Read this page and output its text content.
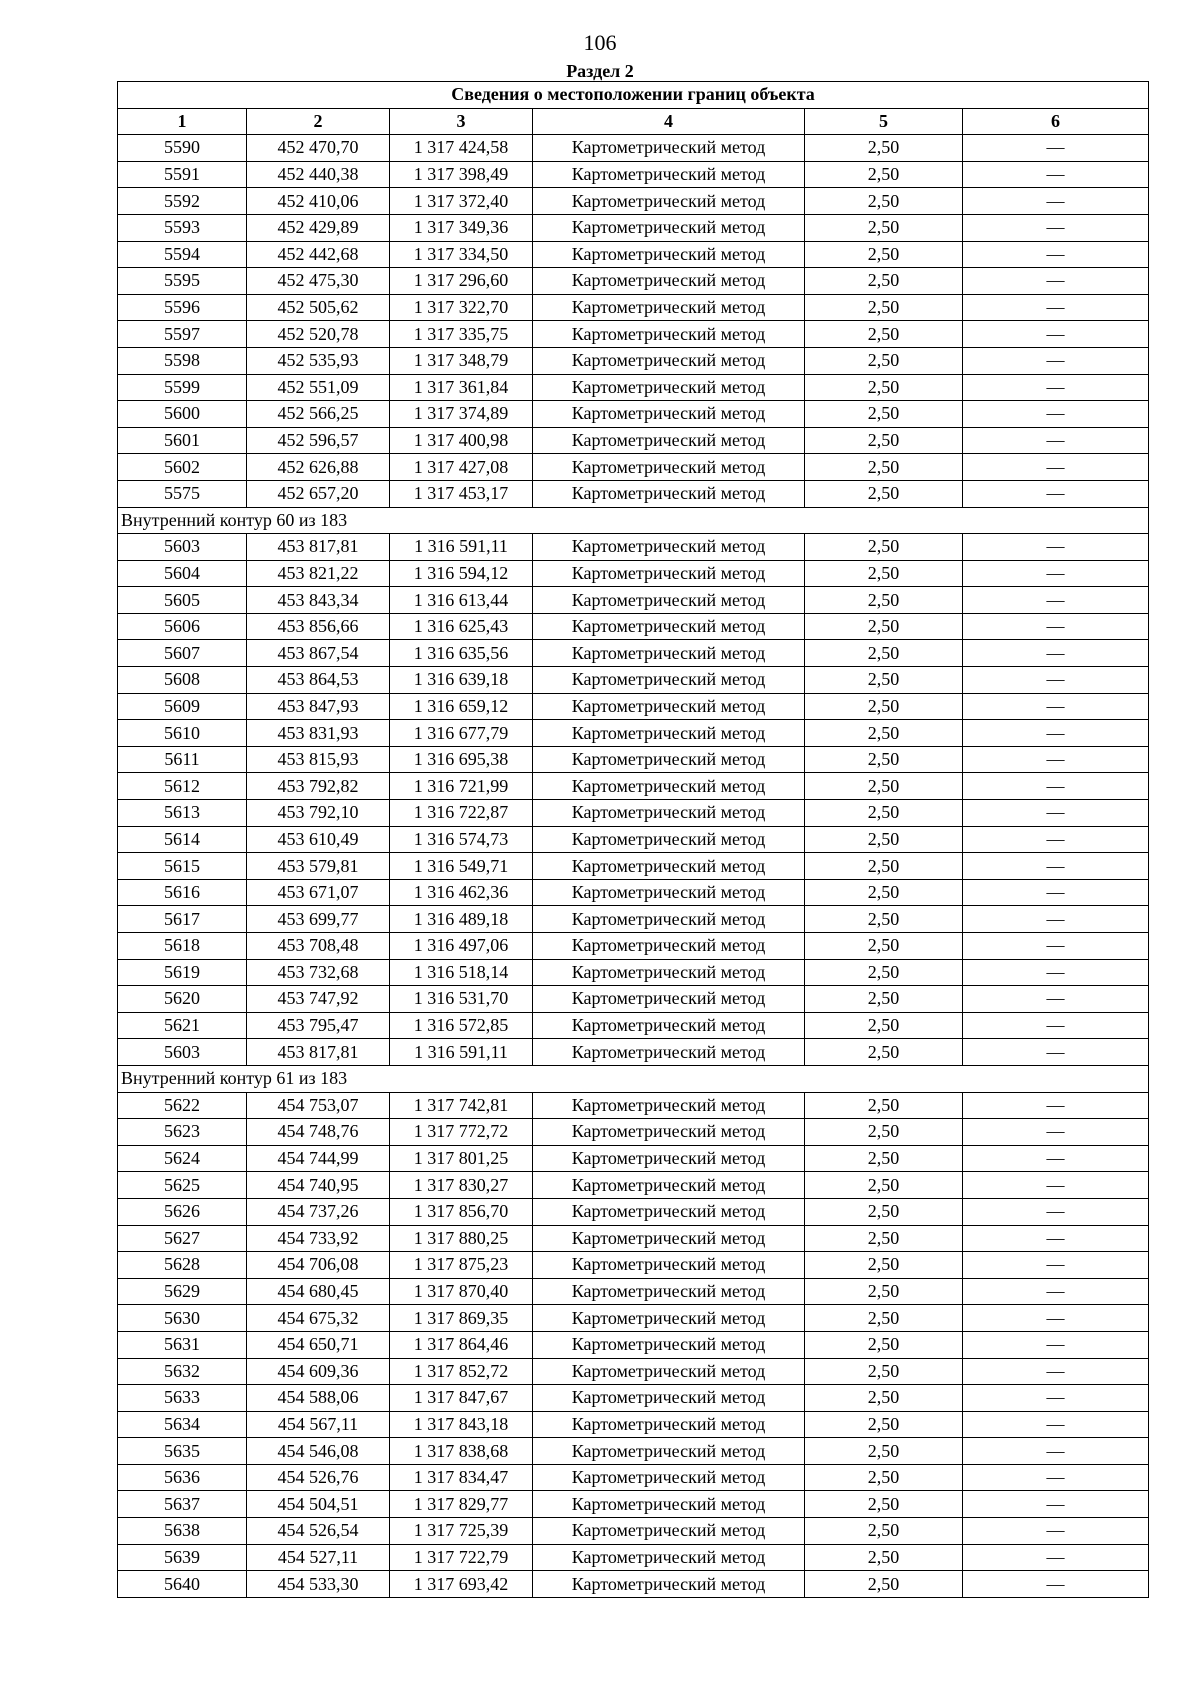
106
Раздел 2
Сведения о местоположении границ объекта					
1	2	3	4	5	6
5590	452 470,70	1 317 424,58	Картометрический метод	2,50	—
5591	452 440,38	1 317 398,49	Картометрический метод	2,50	—
5592	452 410,06	1 317 372,40	Картометрический метод	2,50	—
5593	452 429,89	1 317 349,36	Картометрический метод	2,50	—
5594	452 442,68	1 317 334,50	Картометрический метод	2,50	—
5595	452 475,30	1 317 296,60	Картометрический метод	2,50	—
5596	452 505,62	1 317 322,70	Картометрический метод	2,50	—
5597	452 520,78	1 317 335,75	Картометрический метод	2,50	—
5598	452 535,93	1 317 348,79	Картометрический метод	2,50	—
5599	452 551,09	1 317 361,84	Картометрический метод	2,50	—
5600	452 566,25	1 317 374,89	Картометрический метод	2,50	—
5601	452 596,57	1 317 400,98	Картометрический метод	2,50	—
5602	452 626,88	1 317 427,08	Картометрический метод	2,50	—
5575	452 657,20	1 317 453,17	Картометрический метод	2,50	—
Внутренний контур 60 из 183					
5603	453 817,81	1 316 591,11	Картометрический метод	2,50	—
5604	453 821,22	1 316 594,12	Картометрический метод	2,50	—
5605	453 843,34	1 316 613,44	Картометрический метод	2,50	—
5606	453 856,66	1 316 625,43	Картометрический метод	2,50	—
5607	453 867,54	1 316 635,56	Картометрический метод	2,50	—
5608	453 864,53	1 316 639,18	Картометрический метод	2,50	—
5609	453 847,93	1 316 659,12	Картометрический метод	2,50	—
5610	453 831,93	1 316 677,79	Картометрический метод	2,50	—
5611	453 815,93	1 316 695,38	Картометрический метод	2,50	—
5612	453 792,82	1 316 721,99	Картометрический метод	2,50	—
5613	453 792,10	1 316 722,87	Картометрический метод	2,50	—
5614	453 610,49	1 316 574,73	Картометрический метод	2,50	—
5615	453 579,81	1 316 549,71	Картометрический метод	2,50	—
5616	453 671,07	1 316 462,36	Картометрический метод	2,50	—
5617	453 699,77	1 316 489,18	Картометрический метод	2,50	—
5618	453 708,48	1 316 497,06	Картометрический метод	2,50	—
5619	453 732,68	1 316 518,14	Картометрический метод	2,50	—
5620	453 747,92	1 316 531,70	Картометрический метод	2,50	—
5621	453 795,47	1 316 572,85	Картометрический метод	2,50	—
5603	453 817,81	1 316 591,11	Картометрический метод	2,50	—
Внутренний контур 61 из 183					
5622	454 753,07	1 317 742,81	Картометрический метод	2,50	—
5623	454 748,76	1 317 772,72	Картометрический метод	2,50	—
5624	454 744,99	1 317 801,25	Картометрический метод	2,50	—
5625	454 740,95	1 317 830,27	Картометрический метод	2,50	—
5626	454 737,26	1 317 856,70	Картометрический метод	2,50	—
5627	454 733,92	1 317 880,25	Картометрический метод	2,50	—
5628	454 706,08	1 317 875,23	Картометрический метод	2,50	—
5629	454 680,45	1 317 870,40	Картометрический метод	2,50	—
5630	454 675,32	1 317 869,35	Картометрический метод	2,50	—
5631	454 650,71	1 317 864,46	Картометрический метод	2,50	—
5632	454 609,36	1 317 852,72	Картометрический метод	2,50	—
5633	454 588,06	1 317 847,67	Картометрический метод	2,50	—
5634	454 567,11	1 317 843,18	Картометрический метод	2,50	—
5635	454 546,08	1 317 838,68	Картометрический метод	2,50	—
5636	454 526,76	1 317 834,47	Картометрический метод	2,50	—
5637	454 504,51	1 317 829,77	Картометрический метод	2,50	—
5638	454 526,54	1 317 725,39	Картометрический метод	2,50	—
5639	454 527,11	1 317 722,79	Картометрический метод	2,50	—
5640	454 533,30	1 317 693,42	Картометрический метод	2,50	—
